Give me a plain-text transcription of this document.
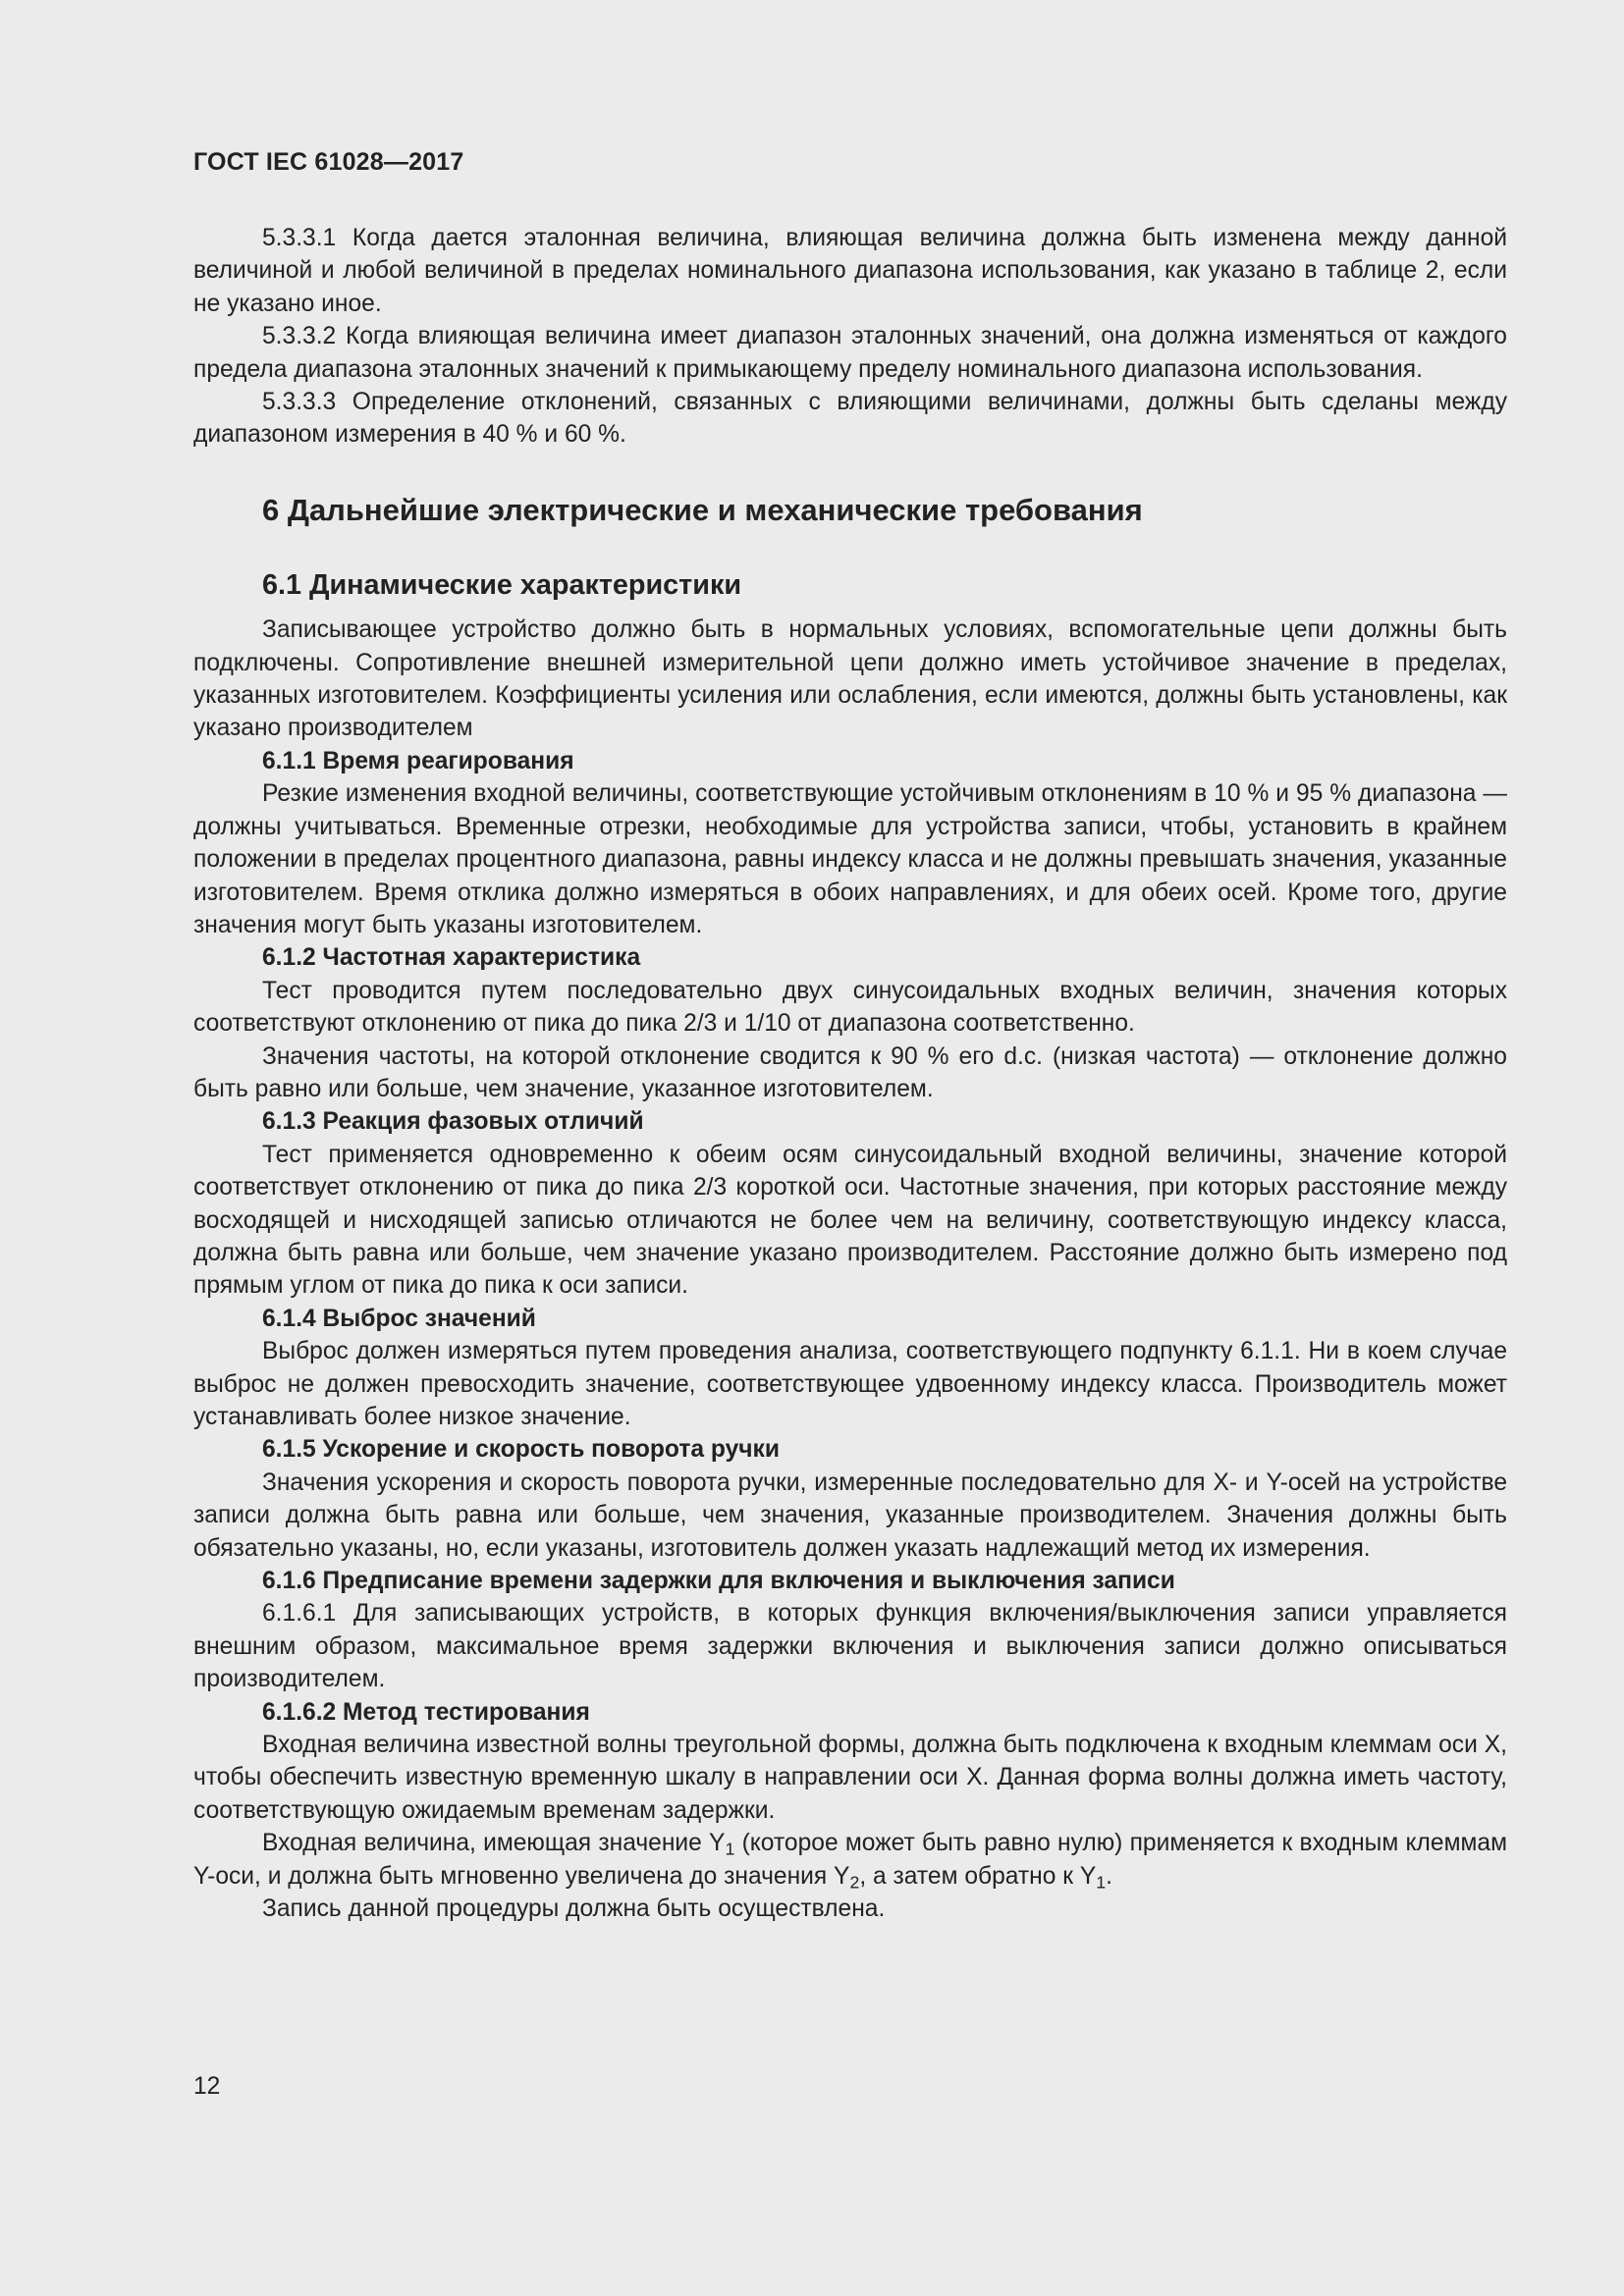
ГОСТ IEC 61028—2017

5.3.3.1 Когда дается эталонная величина, влияющая величина должна быть изменена между данной величиной и любой величиной в пределах номинального диапазона использования, как указано в таблице 2, если не указано иное.

5.3.3.2 Когда влияющая величина имеет диапазон эталонных значений, она должна изменяться от каждого предела диапазона эталонных значений к примыкающему пределу номинального диапазона использования.

5.3.3.3 Определение отклонений, связанных с влияющими величинами, должны быть сделаны между диапазоном измерения в 40 % и 60 %.

6 Дальнейшие электрические и механические требования
6.1 Динамические характеристики

Записывающее устройство должно быть в нормальных условиях, вспомогательные цепи должны быть подключены. Сопротивление внешней измерительной цепи должно иметь устойчивое значение в пределах, указанных изготовителем. Коэффициенты усиления или ослабления, если имеются, должны быть установлены, как указано производителем

6.1.1 Время реагирования

Резкие изменения входной величины, соответствующие устойчивым отклонениям в 10 % и 95 % диапазона — должны учитываться. Временные отрезки, необходимые для устройства записи, чтобы, установить в крайнем положении в пределах процентного диапазона, равны индексу класса и не должны превышать значения, указанные изготовителем. Время отклика должно измеряться в обоих направлениях, и для обеих осей. Кроме того, другие значения могут быть указаны изготовителем.

6.1.2 Частотная характеристика

Тест проводится путем последовательно двух синусоидальных входных величин, значения которых соответствуют отклонению от пика до пика 2/3 и 1/10 от диапазона соответственно.

Значения частоты, на которой отклонение сводится к 90 % его d.c. (низкая частота) — отклонение должно быть равно или больше, чем значение, указанное изготовителем.

6.1.3 Реакция фазовых отличий

Тест применяется одновременно к обеим осям синусоидальный входной величины, значение которой соответствует отклонению от пика до пика 2/3 короткой оси. Частотные значения, при которых расстояние между восходящей и нисходящей записью отличаются не более чем на величину, соответствующую индексу класса, должна быть равна или больше, чем значение указано производителем. Расстояние должно быть измерено под прямым углом от пика до пика к оси записи.

6.1.4 Выброс значений

Выброс должен измеряться путем проведения анализа, соответствующего подпункту 6.1.1. Ни в коем случае выброс не должен превосходить значение, соответствующее удвоенному индексу класса. Производитель может устанавливать более низкое значение.

6.1.5 Ускорение и скорость поворота ручки

Значения ускорения и скорость поворота ручки, измеренные последовательно для X- и Y-осей на устройстве записи должна быть равна или больше, чем значения, указанные производителем. Значения должны быть обязательно указаны, но, если указаны, изготовитель должен указать надлежащий метод их измерения.

6.1.6 Предписание времени задержки для включения и выключения записи

6.1.6.1 Для записывающих устройств, в которых функция включения/выключения записи управляется внешним образом, максимальное время задержки включения и выключения записи должно описываться производителем.

6.1.6.2 Метод тестирования

Входная величина известной волны треугольной формы, должна быть подключена к входным клеммам оси X, чтобы обеспечить известную временную шкалу в направлении оси X. Данная форма волны должна иметь частоту, соответствующую ожидаемым временам задержки.

Входная величина, имеющая значение $Y_1$ (которое может быть равно нулю) применяется к входным клеммам Y-оси, и должна быть мгновенно увеличена до значения $Y_2$, а затем обратно к $Y_1$.

Запись данной процедуры должна быть осуществлена.

12
